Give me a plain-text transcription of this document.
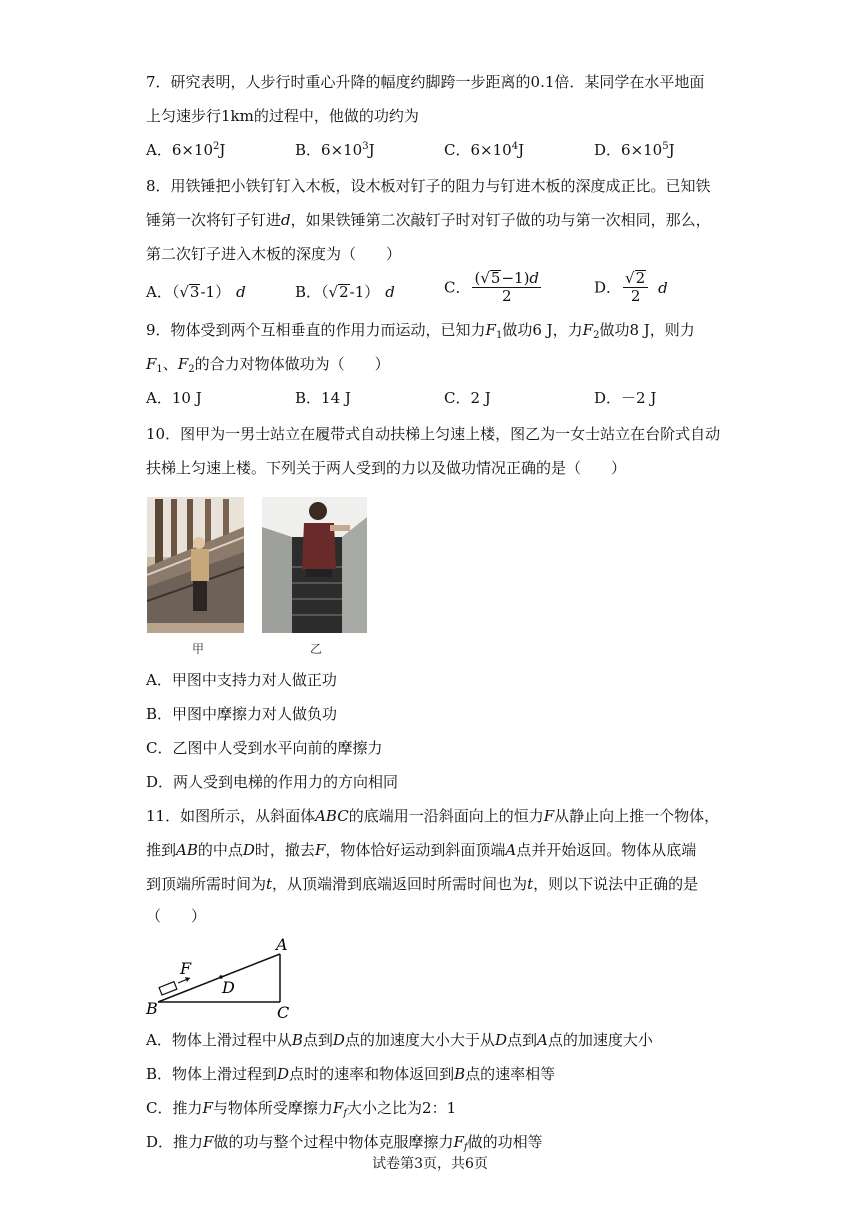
7．研究表明，人步行时重心升降的幅度约脚跨一步距离的0.1倍．某同学在水平地面
上匀速步行1km的过程中，他做的功约为
A．$6\times 10^2J$	B．$6\times 10^3J$	C．$6\times 10^4J$	D．$6\times 10^5J$
8．用铁锤把小铁钉钉入木板，设木板对钉子的阻力与钉进木板的深度成正比。已知铁
锤第一次将钉子钉进d，如果铁锤第二次敲钉子时对钉子做的功与第一次相同，那么，
第二次钉子进入木板的深度为（　　）
A．（√3-1） d	B．（√2-1） d	C． $\frac{(√5-1)d}{2}$	D． $\frac{√2}{2}$ d
9．物体受到两个互相垂直的作用力而运动，已知力$F_1$做功6 J，力$F_2$做功8 J，则力
$F_1$、$F_2$的合力对物体做功为（　　）
A．10 J	B．14 J	C．2 J	D．－2 J
10．图甲为一男士站立在履带式自动扶梯上匀速上楼，图乙为一女士站立在台阶式自动
扶梯上匀速上楼。下列关于两人受到的力以及做功情况正确的是（　　）
甲	乙
A．甲图中支持力对人做正功
B．甲图中摩擦力对人做负功
C．乙图中人受到水平向前的摩擦力
D．两人受到电梯的作用力的方向相同
11．如图所示，从斜面体ABC的底端用一沿斜面向上的恒力F从静止向上推一个物体，
推到AB的中点D时，撤去F，物体恰好运动到斜面顶端A点并开始返回。物体从底端
到顶端所需时间为t，从顶端滑到底端返回时所需时间也为t，则以下说法中正确的是
（　　）
A
B	C
D
F
A．物体上滑过程中从B点到D点的加速度大小大于从D点到A点的加速度大小
B．物体上滑过程到D点时的速率和物体返回到B点的速率相等
C．推力F与物体所受摩擦力$F_f$大小之比为2：1
D．推力F做的功与整个过程中物体克服摩擦力$F_f$做的功相等
试卷第3页，共6页
